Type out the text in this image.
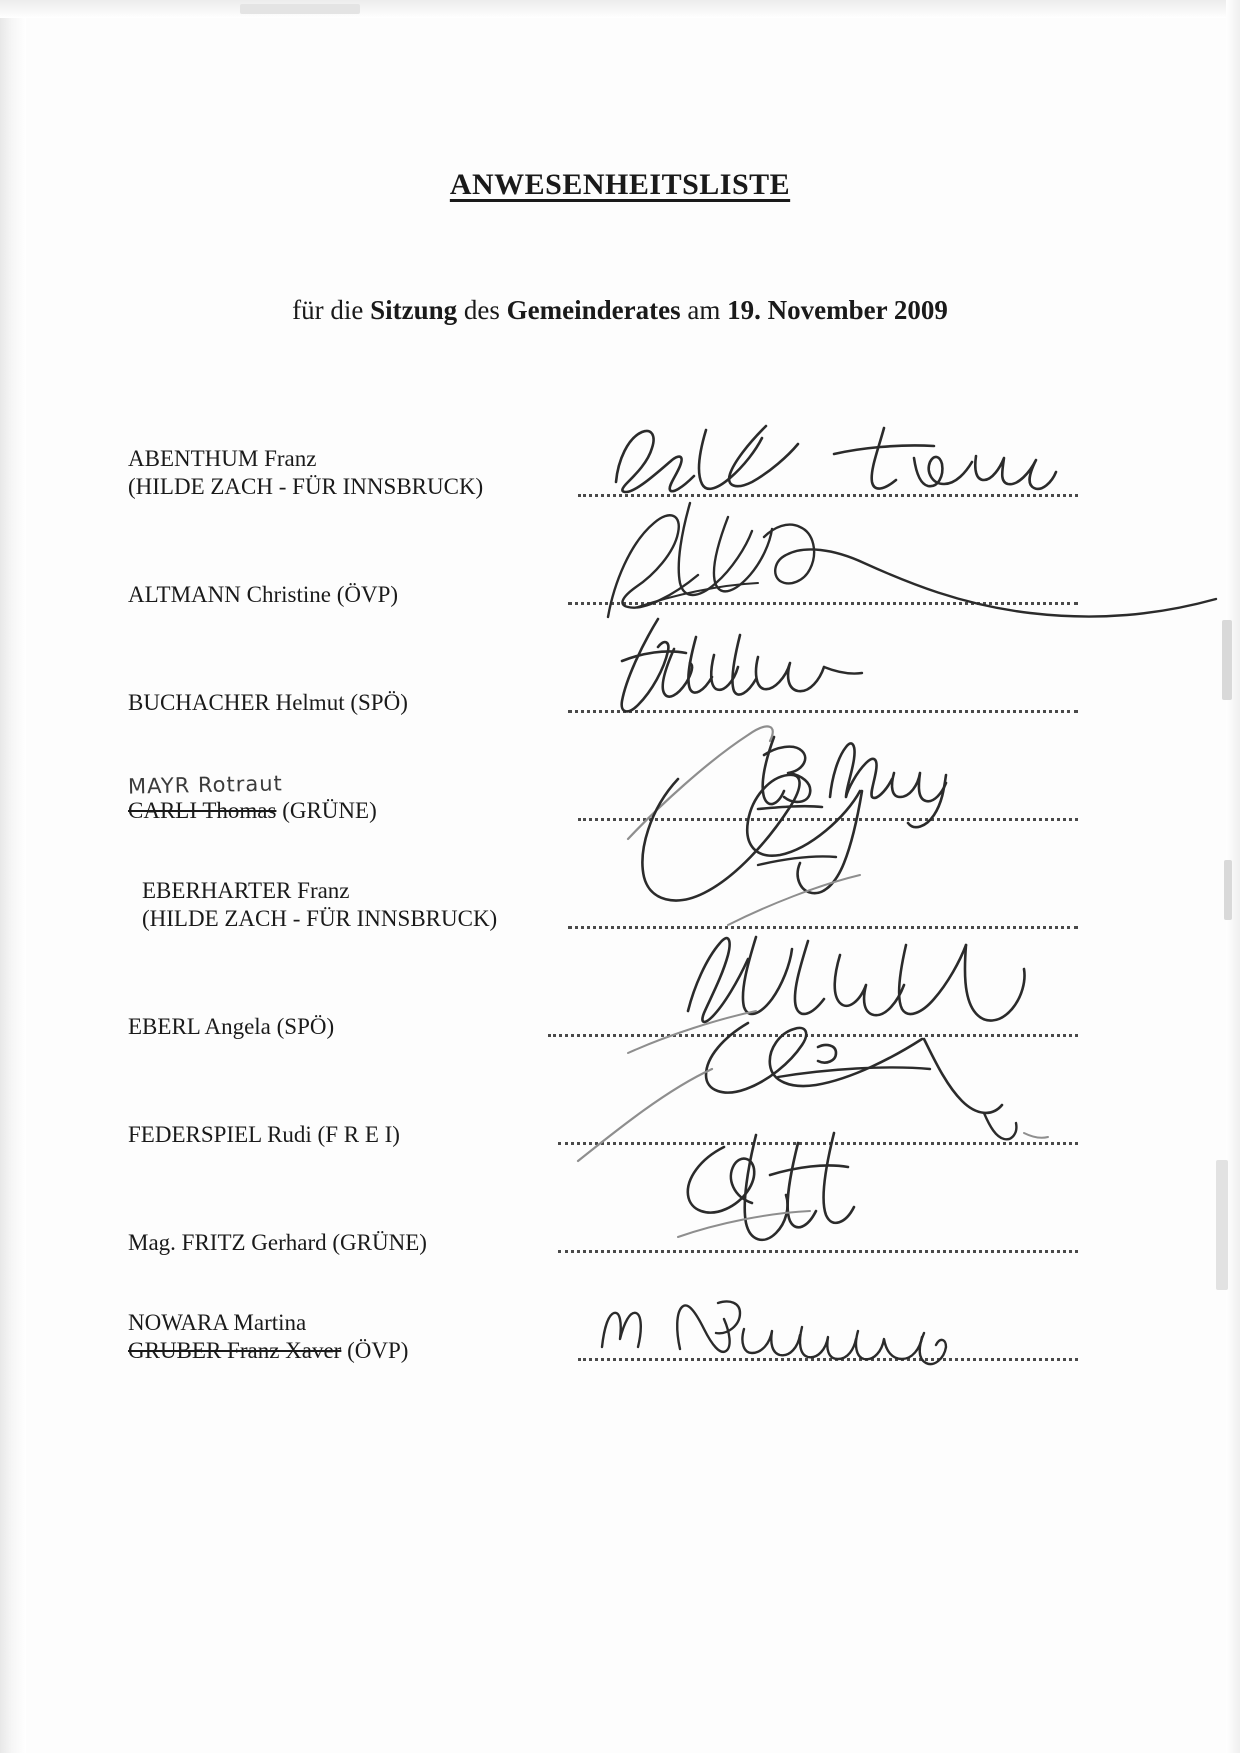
ANWESENHEITSLISTE
für die Sitzung des Gemeinderates am 19. November 2009
ABENTHUM Franz
(HILDE ZACH - FÜR INNSBRUCK)
ALTMANN Christine (ÖVP)
BUCHACHER Helmut (SPÖ)
MAYR Rotraut
CARLI Thomas (GRÜNE)
EBERHARTER Franz
(HILDE ZACH - FÜR INNSBRUCK)
EBERL Angela (SPÖ)
FEDERSPIEL Rudi (F R E I)
Mag. FRITZ Gerhard (GRÜNE)
NOWARA Martina
GRUBER Franz Xaver (ÖVP)
